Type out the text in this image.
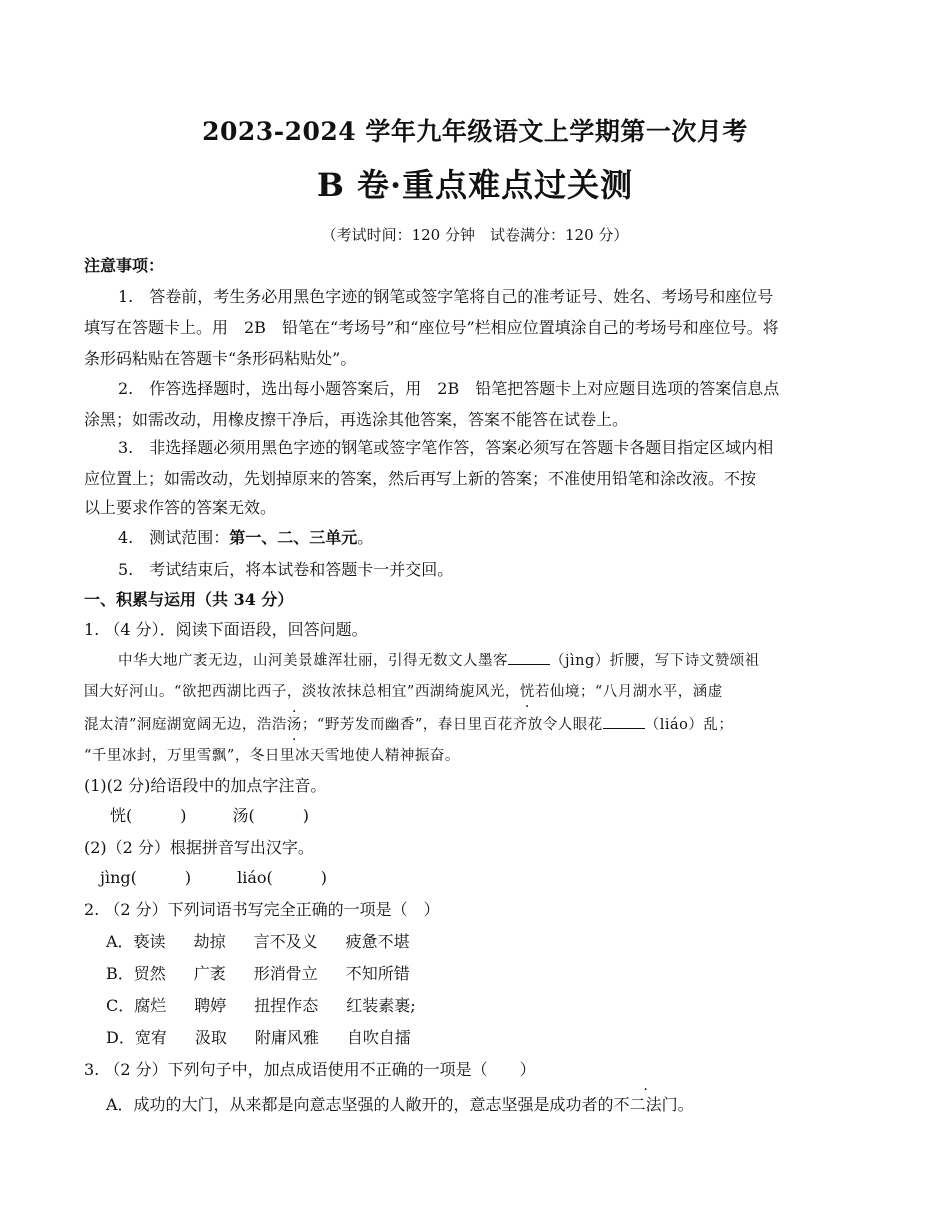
2023-2024 学年九年级语文上学期第一次月考
B 卷·重点难点过关测
（考试时间：120 分钟　试卷满分：120 分）
注意事项：
1.　答卷前，考生务必用黑色字迹的钢笔或签字笔将自己的准考证号、姓名、考场号和座位号
填写在答题卡上。用　2B　铅笔在“考场号”和“座位号”栏相应位置填涂自己的考场号和座位号。将
条形码粘贴在答题卡“条形码粘贴处”。
2.　作答选择题时，选出每小题答案后，用　2B　铅笔把答题卡上对应题目选项的答案信息点
涂黑；如需改动，用橡皮擦干净后，再选涂其他答案，答案不能答在试卷上。
3.　非选择题必须用黑色字迹的钢笔或签字笔作答，答案必须写在答题卡各题目指定区域内相
应位置上；如需改动，先划掉原来的答案，然后再写上新的答案；不准使用铅笔和涂改液。不按
以上要求作答的答案无效。
4.　测试范围：第一、二、三单元。
5.　考试结束后，将本试卷和答题卡一并交回。
一、积累与运用（共 34 分）
1. （4 分）．阅读下面语段，回答问题。
中华大地广袤无边，山河美景雄浑壮丽，引得无数文人墨客	（jìng）折腰，写下诗文赞颂祖
国大好河山。“欲把西湖比西子，淡妆浓抹总相宜”西湖绮旎风光，恍若仙境；“八月湖水平，涵虚
混太清”洞庭湖宽阔无边，浩浩汤；“野芳发而幽香”，春日里百花齐放令人眼花	（liáo）乱；
“千里冰封，万里雪飘”，冬日里冰天雪地使人精神振奋。
(1)(2 分)给语段中的加点字注音。
恍(　　　)	汤(　　　)
(2)（2 分）根据拼音写出汉字。
jìng(　　　)	liáo(　　　)
2. （2 分）下列词语书写完全正确的一项是（　）
A．亵读 劫掠 言不及义 疲惫不堪
B．贸然 广袤 形消骨立 不知所错
C．腐烂 聘婷 扭捏作态 红装素裹;
D．宽宥 汲取 附庸风雅 自吹自擂
3. （2 分）下列句子中，加点成语使用不正确的一项是（　　）
A．成功的大门，从来都是向意志坚强的人敞开的，意志坚强是成功者的不二法门。
